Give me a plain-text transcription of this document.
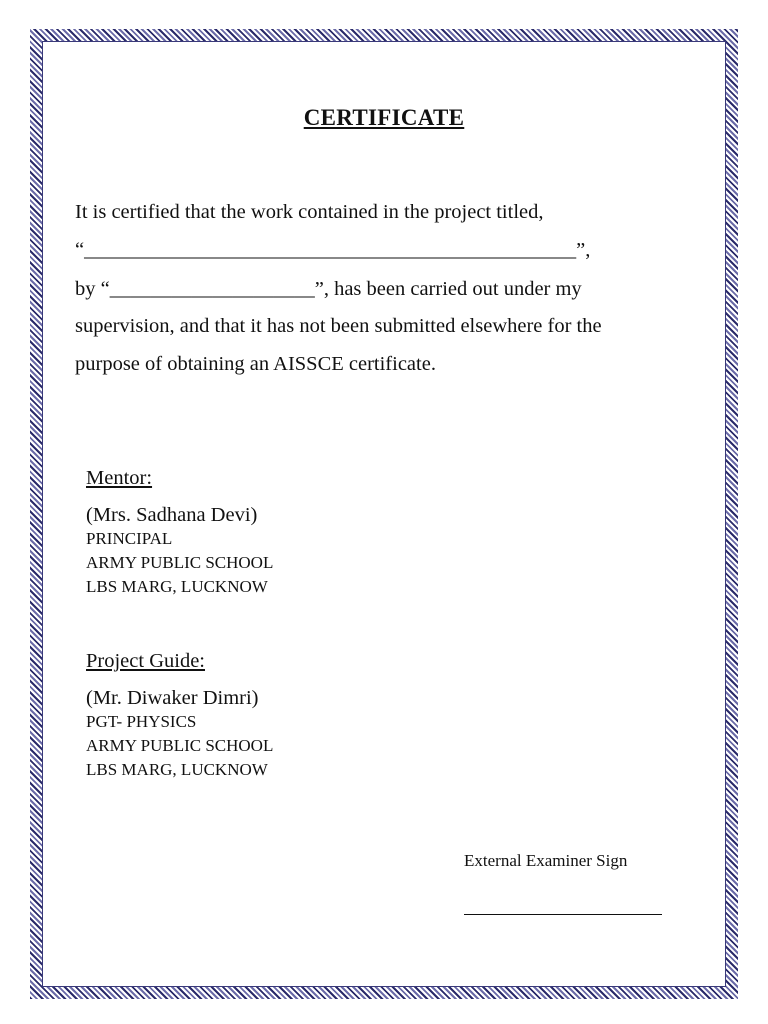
CERTIFICATE
It is certified that the work contained in the project titled,
“________________________________________________”,
by “____________________”, has been carried out under my
supervision, and that it has not been submitted elsewhere for the
purpose of obtaining an AISSCE certificate.
Mentor:
(Mrs. Sadhana Devi)
PRINCIPAL
ARMY PUBLIC SCHOOL
LBS MARG, LUCKNOW
Project Guide:
(Mr. Diwaker Dimri)
PGT- PHYSICS
ARMY PUBLIC SCHOOL
LBS MARG, LUCKNOW
External Examiner Sign
